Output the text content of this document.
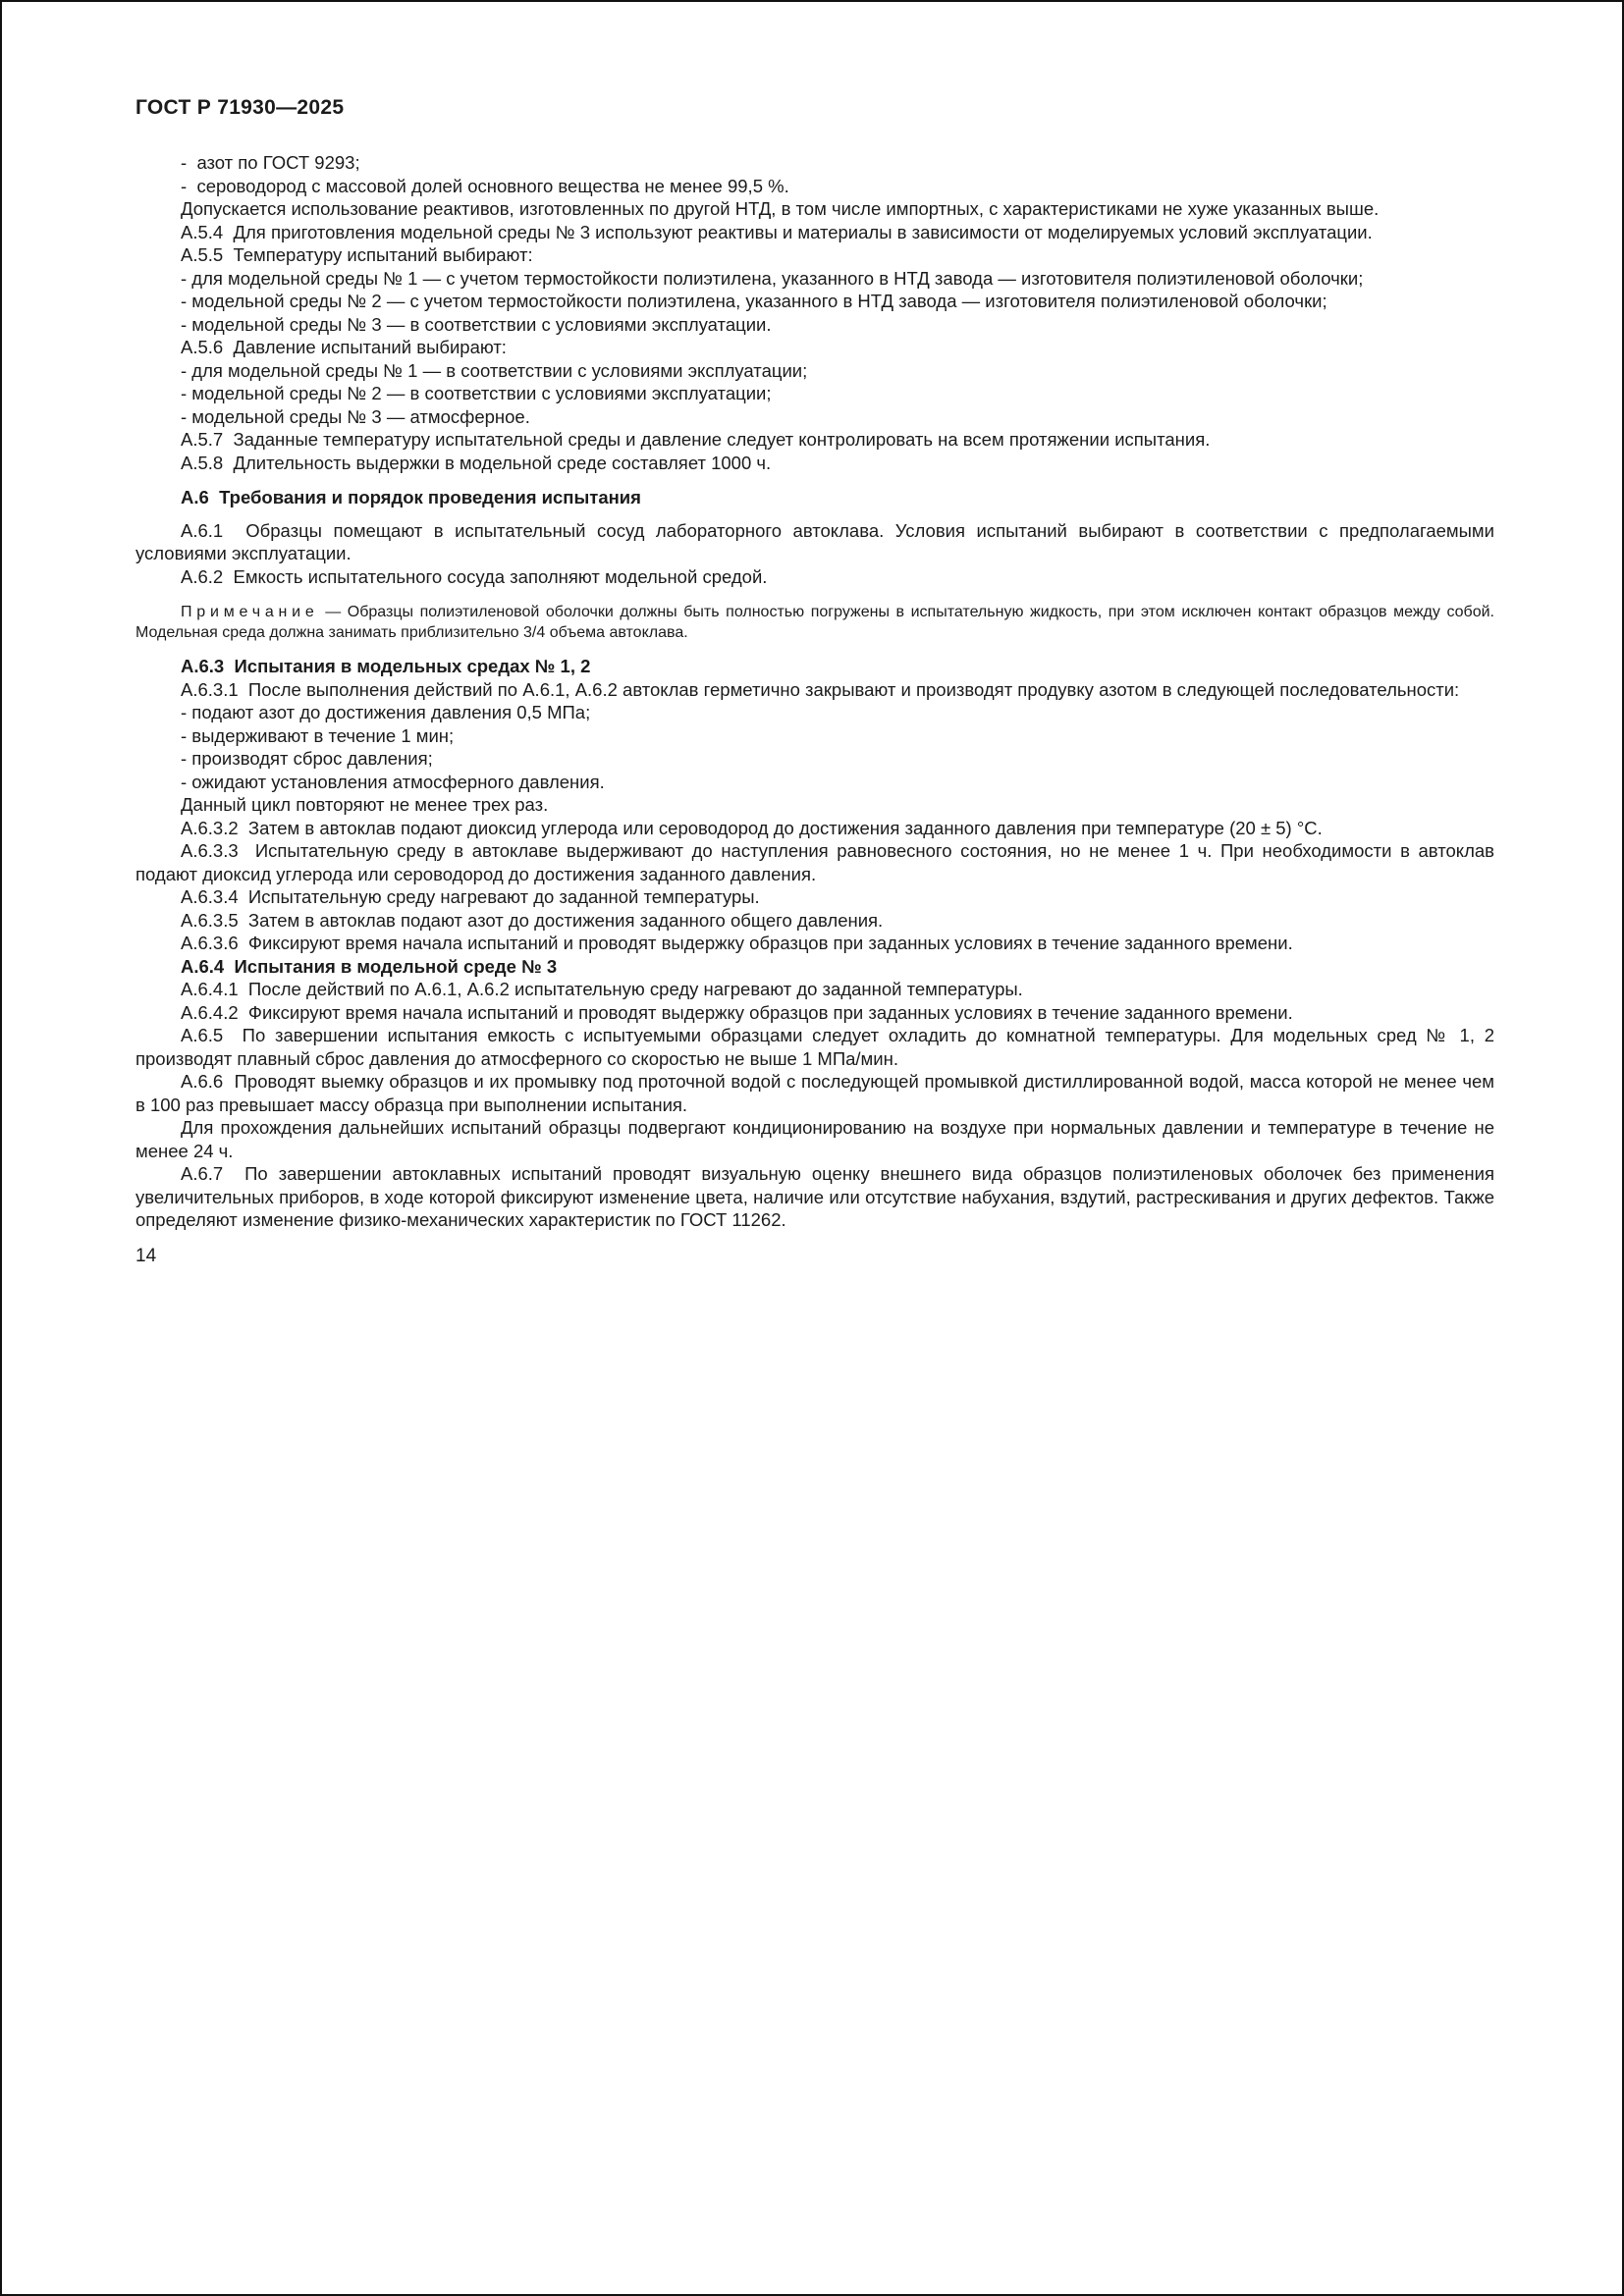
ГОСТ Р 71930—2025

-  азот по ГОСТ 9293;

-  сероводород с массовой долей основного вещества не менее 99,5 %.

Допускается использование реактивов, изготовленных по другой НТД, в том числе импортных, с характеристиками не хуже указанных выше.

А.5.4  Для приготовления модельной среды № 3 используют реактивы и материалы в зависимости от моделируемых условий эксплуатации.

А.5.5  Температуру испытаний выбирают:

- для модельной среды № 1 — с учетом термостойкости полиэтилена, указанного в НТД завода — изготовителя полиэтиленовой оболочки;

- модельной среды № 2 — с учетом термостойкости полиэтилена, указанного в НТД завода — изготовителя полиэтиленовой оболочки;

- модельной среды № 3 — в соответствии с условиями эксплуатации.

А.5.6  Давление испытаний выбирают:

- для модельной среды № 1 — в соответствии с условиями эксплуатации;

- модельной среды № 2 — в соответствии с условиями эксплуатации;

- модельной среды № 3 — атмосферное.

А.5.7  Заданные температуру испытательной среды и давление следует контролировать на всем протяжении испытания.

А.5.8  Длительность выдержки в модельной среде составляет 1000 ч.

А.6  Требования и порядок проведения испытания

А.6.1  Образцы помещают в испытательный сосуд лабораторного автоклава. Условия испытаний выбирают в соответствии с предполагаемыми условиями эксплуатации.

А.6.2  Емкость испытательного сосуда заполняют модельной средой.

Примечание — Образцы полиэтиленовой оболочки должны быть полностью погружены в испытательную жидкость, при этом исключен контакт образцов между собой. Модельная среда должна занимать приблизительно 3/4 объема автоклава.

А.6.3  Испытания в модельных средах № 1, 2

А.6.3.1  После выполнения действий по А.6.1, А.6.2 автоклав герметично закрывают и производят продувку азотом в следующей последовательности:

- подают азот до достижения давления 0,5 МПа;

- выдерживают в течение 1 мин;

- производят сброс давления;

- ожидают установления атмосферного давления.

Данный цикл повторяют не менее трех раз.

А.6.3.2  Затем в автоклав подают диоксид углерода или сероводород до достижения заданного давления при температуре (20 ± 5) °С.

А.6.3.3  Испытательную среду в автоклаве выдерживают до наступления равновесного состояния, но не менее 1 ч. При необходимости в автоклав подают диоксид углерода или сероводород до достижения заданного давления.

А.6.3.4  Испытательную среду нагревают до заданной температуры.

А.6.3.5  Затем в автоклав подают азот до достижения заданного общего давления.

А.6.3.6  Фиксируют время начала испытаний и проводят выдержку образцов при заданных условиях в течение заданного времени.

А.6.4  Испытания в модельной среде № 3

А.6.4.1  После действий по А.6.1, А.6.2 испытательную среду нагревают до заданной температуры.

А.6.4.2  Фиксируют время начала испытаний и проводят выдержку образцов при заданных условиях в течение заданного времени.

А.6.5  По завершении испытания емкость с испытуемыми образцами следует охладить до комнатной температуры. Для модельных сред № 1, 2 производят плавный сброс давления до атмосферного со скоростью не выше 1 МПа/мин.

А.6.6  Проводят выемку образцов и их промывку под проточной водой с последующей промывкой дистиллированной водой, масса которой не менее чем в 100 раз превышает массу образца при выполнении испытания.

Для прохождения дальнейших испытаний образцы подвергают кондиционированию на воздухе при нормальных давлении и температуре в течение не менее 24 ч.

А.6.7  По завершении автоклавных испытаний проводят визуальную оценку внешнего вида образцов полиэтиленовых оболочек без применения увеличительных приборов, в ходе которой фиксируют изменение цвета, наличие или отсутствие набухания, вздутий, растрескивания и других дефектов. Также определяют изменение физико-механических характеристик по ГОСТ 11262.

14
